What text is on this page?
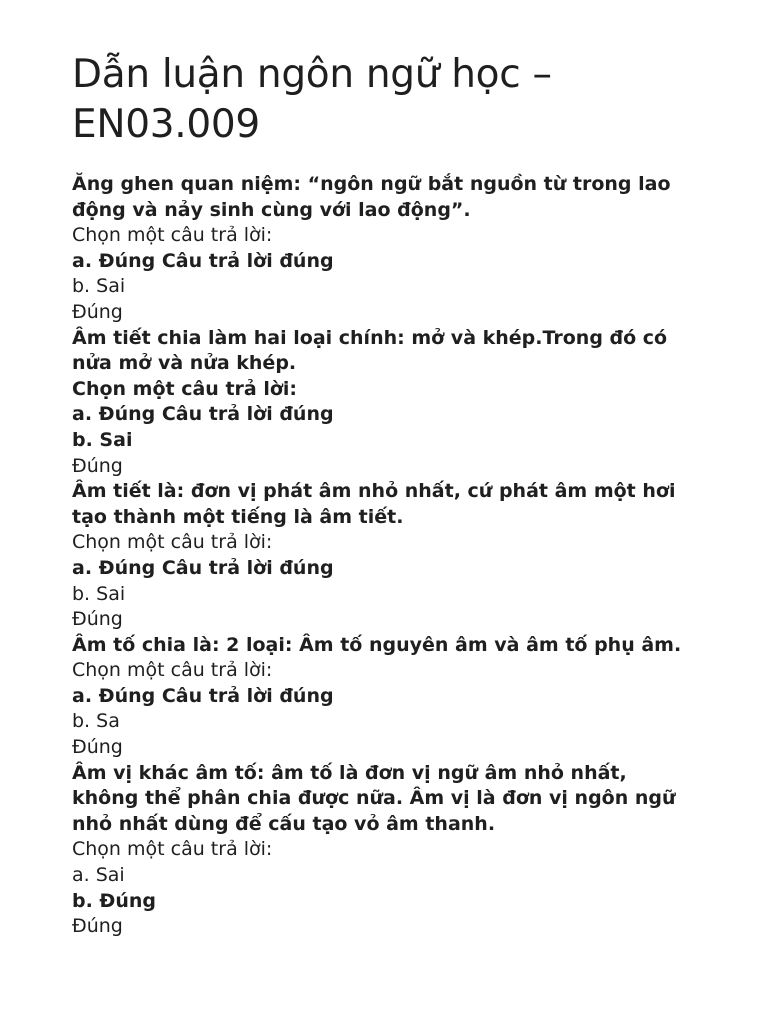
Dẫn luận ngôn ngữ học – EN03.009
Ăng ghen quan niệm: “ngôn ngữ bắt nguồn từ trong lao động và nảy sinh cùng với lao động”.
Chọn một câu trả lời:
a. Đúng Câu trả lời đúng
b. Sai
Đúng
Âm tiết chia làm hai loại chính: mở và khép.Trong đó có nửa mở và nửa khép.
Chọn một câu trả lời:
a. Đúng Câu trả lời đúng
b. Sai
Đúng
Âm tiết là: đơn vị phát âm nhỏ nhất, cứ phát âm một hơi tạo thành một tiếng là âm tiết.
Chọn một câu trả lời:
a. Đúng Câu trả lời đúng
b. Sai
Đúng
Âm tố chia là: 2 loại: Âm tố nguyên âm và âm tố phụ âm.
Chọn một câu trả lời:
a. Đúng Câu trả lời đúng
b. Sa
Đúng
Âm vị khác âm tố: âm tố là đơn vị ngữ âm nhỏ nhất, không thể phân chia được nữa. Âm vị là đơn vị ngôn ngữ nhỏ nhất dùng để cấu tạo vỏ âm thanh.
Chọn một câu trả lời:
a. Sai
b. Đúng
Đúng
